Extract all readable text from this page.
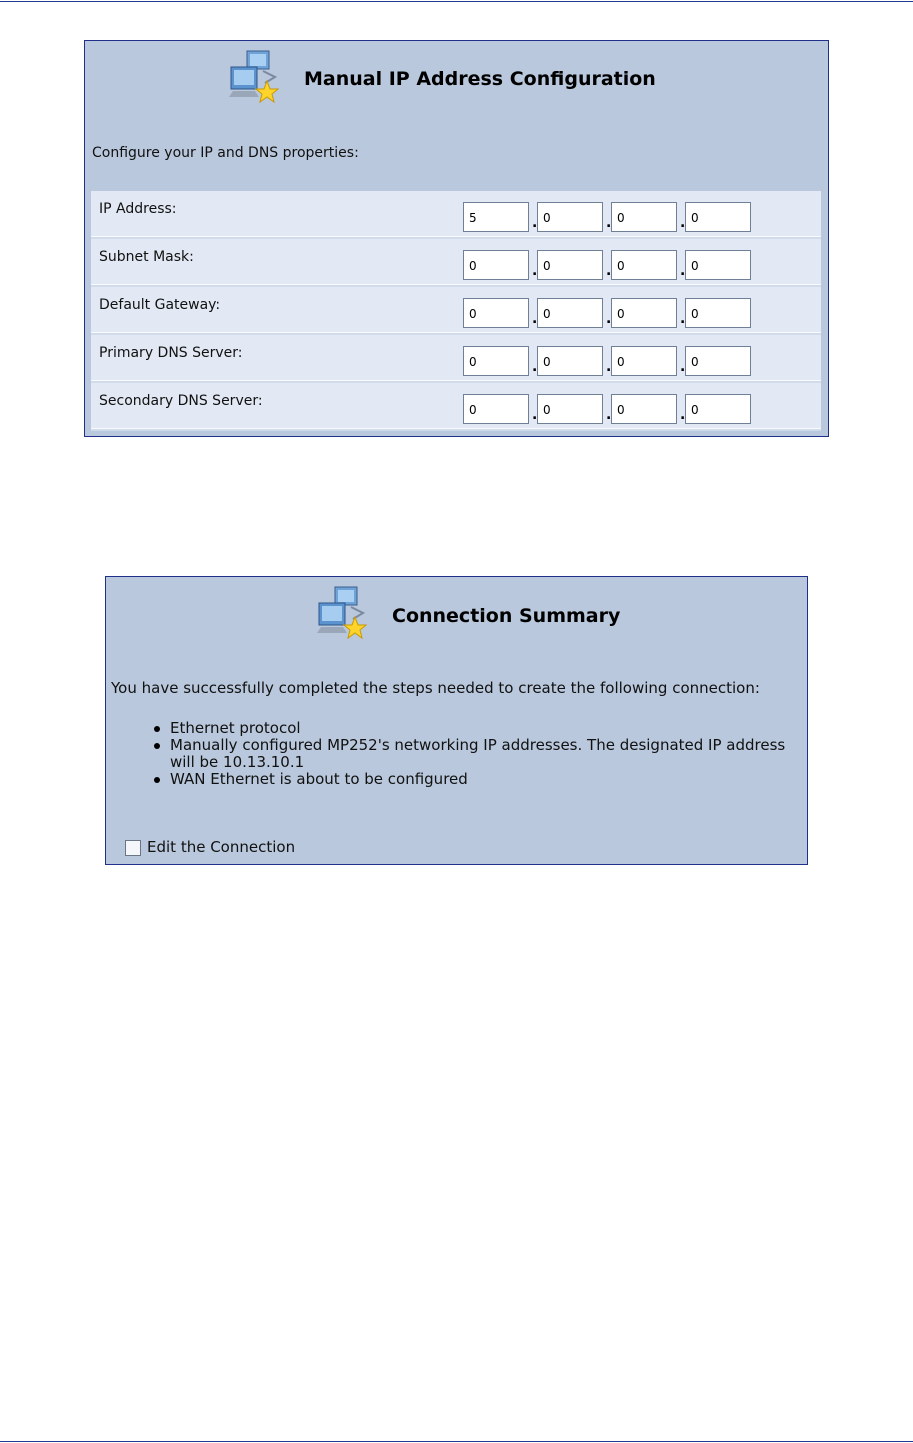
Manual IP Address Configuration
Configure your IP and DNS properties:
IP Address:
5	. 0	. 0	. 0
Subnet Mask:
0	. 0	. 0	. 0
Default Gateway:
0	. 0	. 0	. 0
Primary DNS Server:
0	. 0	. 0	. 0
Secondary DNS Server:
0	. 0	. 0	. 0
Connection Summary
You have successfully completed the steps needed to create the following connection:
Ethernet protocol
Manually configured MP252's networking IP addresses. The designated IP address will be 10.13.10.1
WAN Ethernet is about to be configured
Edit the Connection
